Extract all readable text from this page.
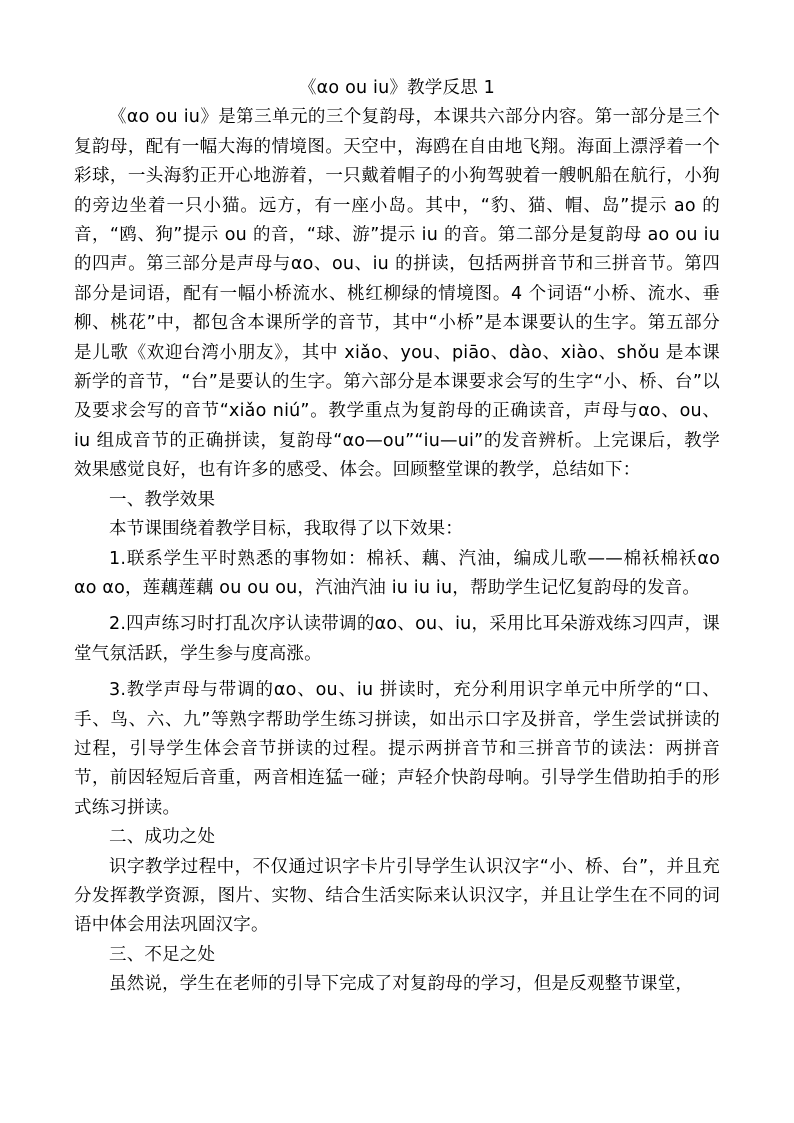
《αo ou iu》教学反思 1

《αo ou iu》是第三单元的三个复韵母，本课共六部分内容。第一部分是三个复韵母，配有一幅大海的情境图。天空中，海鸥在自由地飞翔。海面上漂浮着一个彩球，一头海豹正开心地游着，一只戴着帽子的小狗驾驶着一艘帆船在航行，小狗的旁边坐着一只小猫。远方，有一座小岛。其中，“豹、猫、帽、岛”提示 ao 的音，“鸥、狗”提示 ou 的音，“球、游”提示 iu 的音。第二部分是复韵母 ao ou iu 的四声。第三部分是声母与αo、ou、iu 的拼读，包括两拼音节和三拼音节。第四部分是词语，配有一幅小桥流水、桃红柳绿的情境图。4 个词语“小桥、流水、垂柳、桃花”中，都包含本课所学的音节，其中“小桥”是本课要认的生字。第五部分是儿歌《欢迎台湾小朋友》，其中 xiǎo、you、piāo、dào、xiào、shǒu 是本课新学的音节，“台”是要认的生字。第六部分是本课要求会写的生字“小、桥、台”以及要求会写的音节“xiǎo niú”。教学重点为复韵母的正确读音，声母与αo、ou、iu 组成音节的正确拼读，复韵母“αo—ou”“iu—ui”的发音辨析。上完课后，教学效果感觉良好，也有许多的感受、体会。回顾整堂课的教学，总结如下：

一、教学效果

本节课围绕着教学目标，我取得了以下效果：

1.联系学生平时熟悉的事物如：棉袄、藕、汽油，编成儿歌——棉袄棉袄αo αo αo，莲藕莲藕 ou ou ou，汽油汽油 iu iu iu，帮助学生记忆复韵母的发音。

2.四声练习时打乱次序认读带调的αo、ou、iu，采用比耳朵游戏练习四声，课堂气氛活跃，学生参与度高涨。

3.教学声母与带调的αo、ou、iu 拼读时，充分利用识字单元中所学的“口、手、鸟、六、九”等熟字帮助学生练习拼读，如出示口字及拼音，学生尝试拼读的过程，引导学生体会音节拼读的过程。提示两拼音节和三拼音节的读法：两拼音节，前因轻短后音重，两音相连猛一碰；声轻介快韵母响。引导学生借助拍手的形式练习拼读。

二、成功之处

识字教学过程中，不仅通过识字卡片引导学生认识汉字“小、桥、台”，并且充分发挥教学资源，图片、实物、结合生活实际来认识汉字，并且让学生在不同的词语中体会用法巩固汉字。

三、不足之处

虽然说，学生在老师的引导下完成了对复韵母的学习，但是反观整节课堂，
